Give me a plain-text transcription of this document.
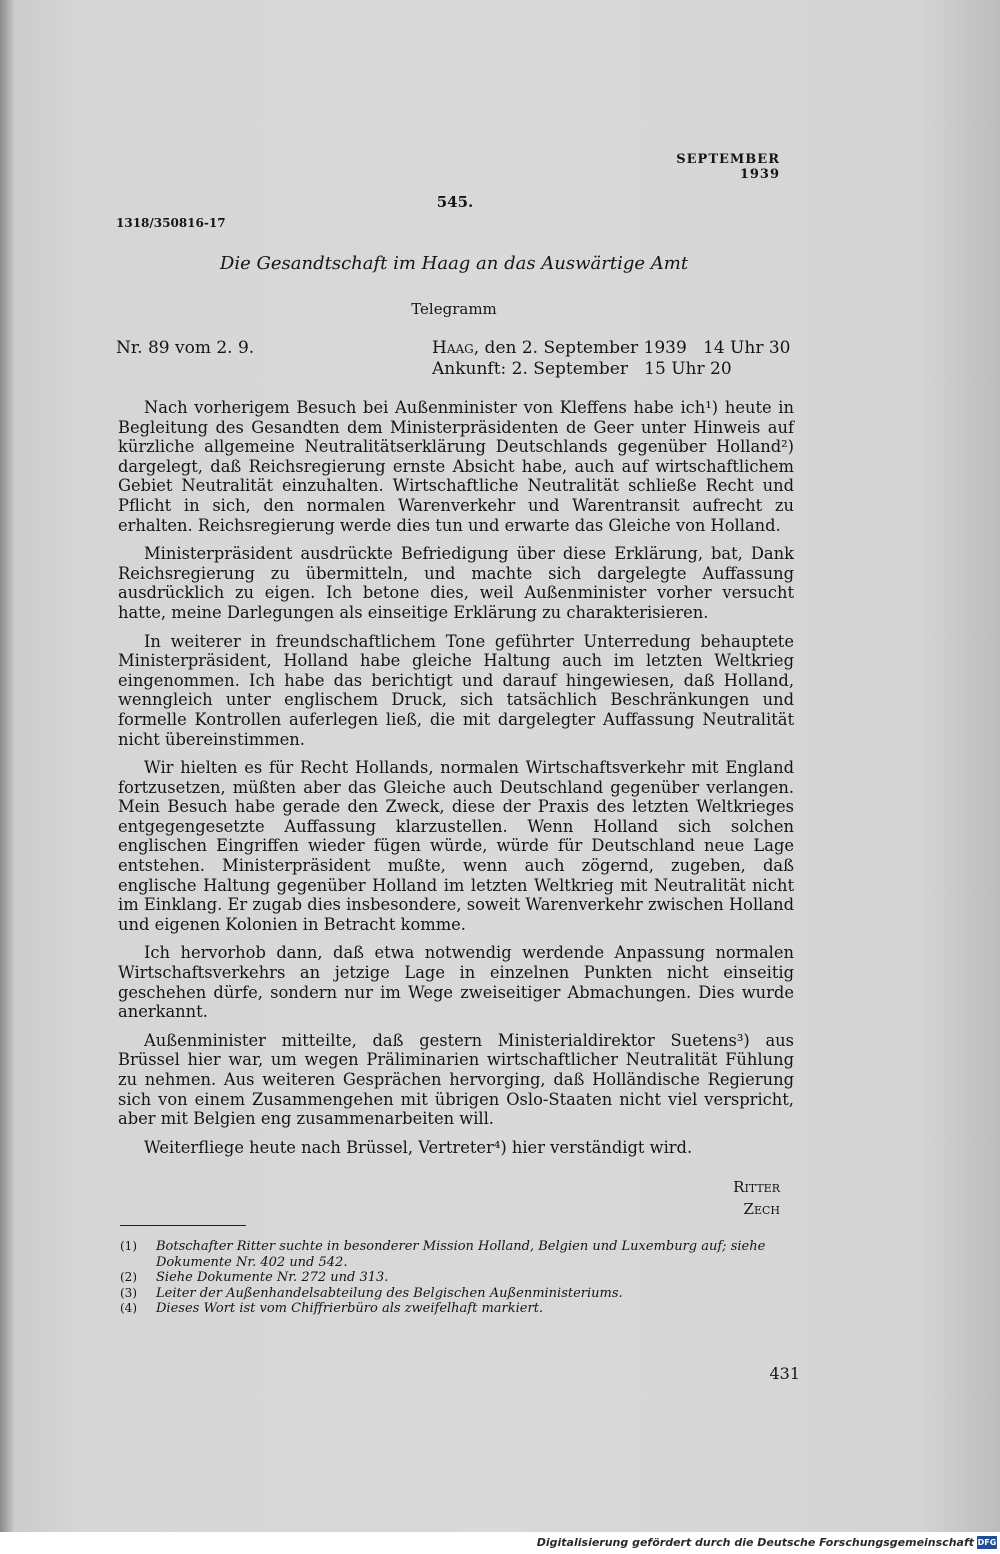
SEPTEMBER 1939
545.
1318/350816-17
Die Gesandtschaft im Haag an das Auswärtige Amt
Telegramm
Nr. 89 vom 2. 9.	Haag, den 2. September 1939   14 Uhr 30
Ankunft: 2. September   15 Uhr 20

Nach vorherigem Besuch bei Außenminister von Kleffens habe ich¹) heute in Begleitung des Gesandten dem Ministerpräsidenten de Geer unter Hinweis auf kürzliche allgemeine Neutralitätserklärung Deutschlands gegenüber Holland²) dargelegt, daß Reichsregierung ernste Absicht habe, auch auf wirtschaftlichem Gebiet Neutralität einzuhalten. Wirtschaftliche Neutralität schließe Recht und Pflicht in sich, den normalen Warenverkehr und Warentransit aufrecht zu erhalten. Reichsregierung werde dies tun und erwarte das Gleiche von Holland.

Ministerpräsident ausdrückte Befriedigung über diese Erklärung, bat, Dank Reichsregierung zu übermitteln, und machte sich dargelegte Auffassung ausdrücklich zu eigen. Ich betone dies, weil Außenminister vorher versucht hatte, meine Darlegungen als einseitige Erklärung zu charakterisieren.

In weiterer in freundschaftlichem Tone geführter Unterredung behauptete Ministerpräsident, Holland habe gleiche Haltung auch im letzten Weltkrieg eingenommen. Ich habe das berichtigt und darauf hingewiesen, daß Holland, wenngleich unter englischem Druck, sich tatsächlich Beschränkungen und formelle Kontrollen auferlegen ließ, die mit dargelegter Auffassung Neutralität nicht übereinstimmen.

Wir hielten es für Recht Hollands, normalen Wirtschaftsverkehr mit England fortzusetzen, müßten aber das Gleiche auch Deutschland gegenüber verlangen. Mein Besuch habe gerade den Zweck, diese der Praxis des letzten Weltkrieges entgegengesetzte Auffassung klarzustellen. Wenn Holland sich solchen englischen Eingriffen wieder fügen würde, würde für Deutschland neue Lage entstehen. Ministerpräsident mußte, wenn auch zögernd, zugeben, daß englische Haltung gegenüber Holland im letzten Weltkrieg mit Neutralität nicht im Einklang. Er zugab dies insbesondere, soweit Warenverkehr zwischen Holland und eigenen Kolonien in Betracht komme.

Ich hervorhob dann, daß etwa notwendig werdende Anpassung normalen Wirtschaftsverkehrs an jetzige Lage in einzelnen Punkten nicht einseitig geschehen dürfe, sondern nur im Wege zweiseitiger Abmachungen. Dies wurde anerkannt.

Außenminister mitteilte, daß gestern Ministerialdirektor Suetens³) aus Brüssel hier war, um wegen Präliminarien wirtschaftlicher Neutralität Fühlung zu nehmen. Aus weiteren Gesprächen hervorging, daß Holländische Regierung sich von einem Zusammengehen mit übrigen Oslo-Staaten nicht viel verspricht, aber mit Belgien eng zusammenarbeiten will.

Weiterfliege heute nach Brüssel, Vertreter⁴) hier verständigt wird.

Ritter
Zech
(1)	Botschafter Ritter suchte in besonderer Mission Holland, Belgien und Luxemburg auf; siehe Dokumente Nr. 402 und 542.
(2)	Siehe Dokumente Nr. 272 und 313.
(3)	Leiter der Außenhandelsabteilung des Belgischen Außenministeriums.
(4)	Dieses Wort ist vom Chiffrierbüro als zweifelhaft markiert.
431
Digitalisierung gefördert durch die Deutsche Forschungsgemeinschaft DFG
